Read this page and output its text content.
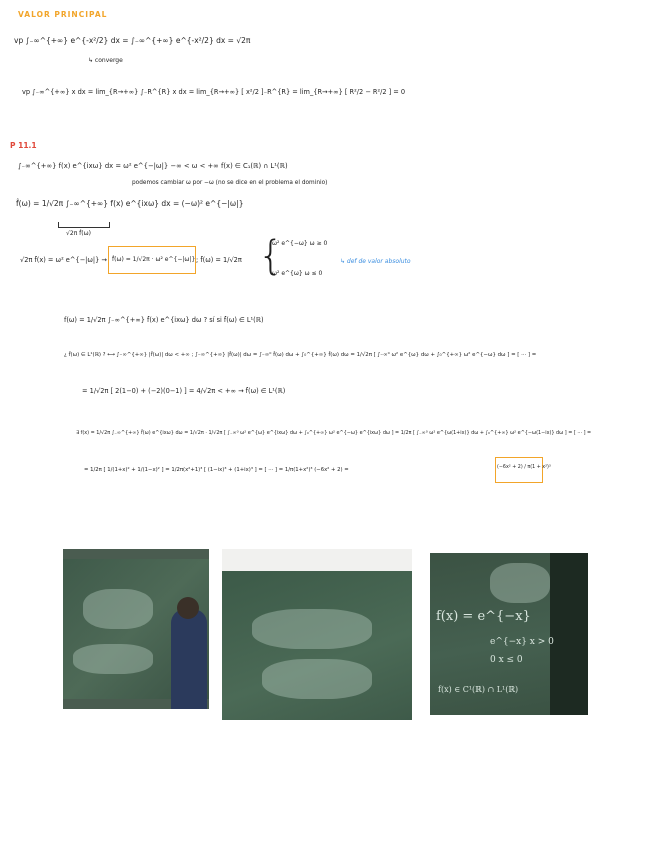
VALOR PRINCIPAL
vp ∫₋∞^{+∞} e^{-x²/2} dx = ∫₋∞^{+∞} e^{-x²/2} dx = √2π
↳ converge
vp ∫₋∞^{+∞} x dx = lim_{R→+∞} ∫₋R^{R} x dx = lim_{R→+∞} [ x²/2 ]₋R^{R} = lim_{R→+∞} [ R²/2 − R²/2 ] = 0
P 11.1
∫₋∞^{+∞} f(x) e^{ixω} dx = ω² e^{−|ω|} −∞ < ω < +∞ f(x) ∈ C₁(ℝ) ∩ L¹(ℝ)
podemos cambiar ω por −ω (no se dice en el problema el dominio)
f̂(ω) = 1/√2π ∫₋∞^{+∞} f(x) e^{ixω} dx = (−ω)² e^{−|ω|}
√2π f̂(ω)
√2π f̂(x) = ω² e^{−|ω|} → f̂(ω) = 1/√2π · ω² e^{−|ω|} ; f̂(ω) = 1/√2π {
ω² e^{−ω} ω ≥ 0
ω² e^{ω} ω ≤ 0
↳ def de valor absoluto
f(ω) = 1/√2π ∫₋∞^{+∞} f̂(x) e^{ixω} dω ? sí si f̂(ω) ∈ L¹(ℝ)
¿ f̂(ω) ∈ L¹(ℝ) ? ⟷ ∫₋∞^{+∞} |f̂(ω)| dω < +∞ ; ∫₋∞^{+∞} |f̂(ω)| dω = ∫₋∞⁰ f̂(ω) dω + ∫₀^{+∞} f̂(ω) dω = 1/√2π [ ∫₋∞⁰ ω² e^{ω} dω + ∫₀^{+∞} ω² e^{−ω} dω ] = [ ··· ] =
= 1/√2π [ 2(1−0) + (−2)(0−1) ] = 4/√2π < +∞ → f̂(ω) ∈ L¹(ℝ)
∃ f(x) = 1/√2π ∫₋∞^{+∞} f̂(ω) e^{ixω} dω = 1/√2π · 1/√2π [ ∫₋∞⁰ ω² e^{ω} e^{ixω} dω + ∫₀^{+∞} ω² e^{−ω} e^{ixω} dω ] = 1/2π [ ∫₋∞⁰ ω² e^{ω(1+ix)} dω + ∫₀^{+∞} ω² e^{−ω(1−ix)} dω ] = [ ··· ] =
= 1/2π [ 1/(1+x)² + 1/(1−x)² ] = 1/2π(x²+1)³ [ (1−ix)³ + (1+ix)³ ] = [ ··· ] = 1/π(1+x²)³ (−6x² + 2) =	(−6x² + 2) / π(1 + x²)³
f(x) = e^{−x}
e^{−x} x > 0
0 x ≤ 0
f(x) ∈ C¹(ℝ) ∩ L¹(ℝ)
